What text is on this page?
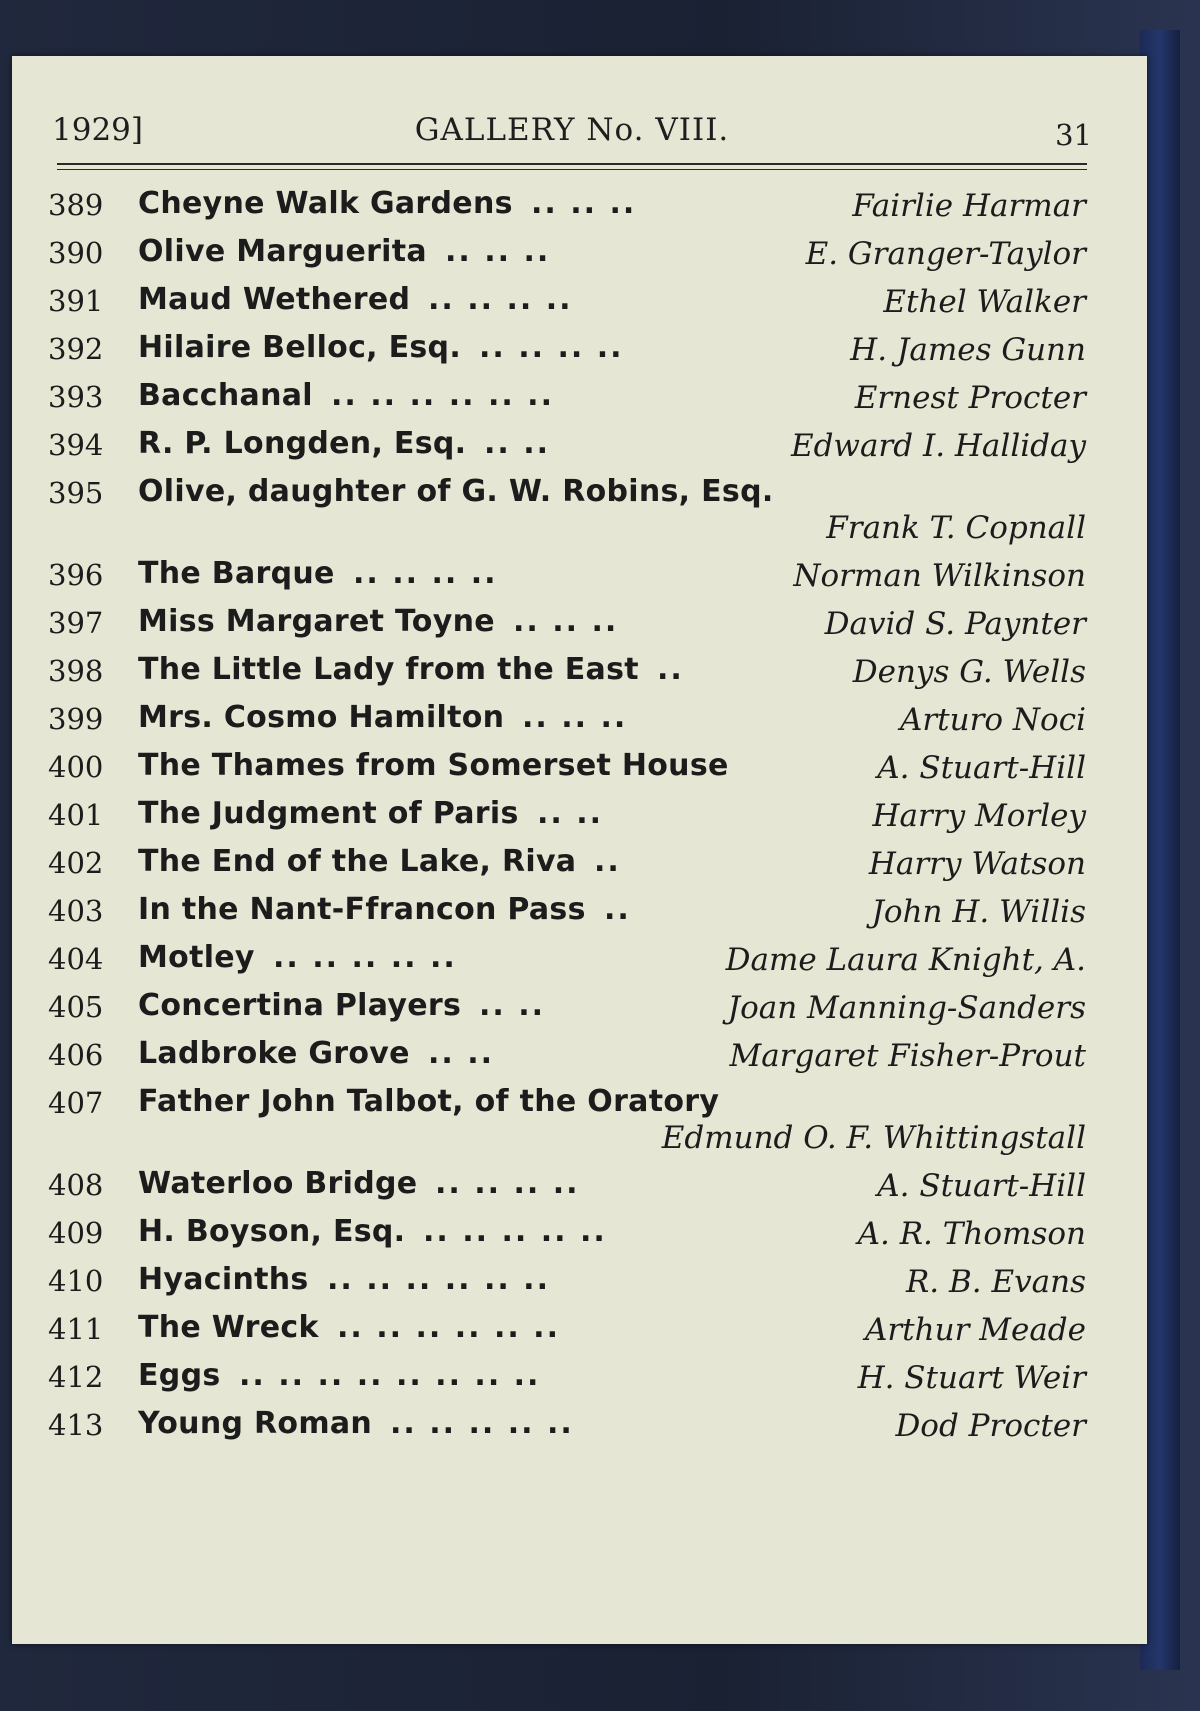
1929]	GALLERY No. VIII.	31
389	Cheyne Walk Gardens .. .. ..	Fairlie Harmar
390	Olive Marguerita .. .. ..	E. Granger-Taylor
391	Maud Wethered .. .. .. ..	Ethel Walker
392	Hilaire Belloc, Esq. .. .. .. ..	H. James Gunn
393	Bacchanal .. .. .. .. .. ..	Ernest Procter
394	R. P. Longden, Esq. .. ..	Edward I. Halliday
395	Olive, daughter of G. W. Robins, Esq.
Frank T. Copnall
396	The Barque .. .. .. ..	Norman Wilkinson
397	Miss Margaret Toyne .. .. ..	David S. Paynter
398	The Little Lady from the East ..	Denys G. Wells
399	Mrs. Cosmo Hamilton .. .. ..	Arturo Noci
400	The Thames from Somerset House	A. Stuart-Hill
401	The Judgment of Paris .. ..	Harry Morley
402	The End of the Lake, Riva ..	Harry Watson
403	In the Nant-Ffrancon Pass ..	John H. Willis
404	Motley .. .. .. .. ..	Dame Laura Knight, A.
405	Concertina Players .. ..	Joan Manning-Sanders
406	Ladbroke Grove .. ..	Margaret Fisher-Prout
407	Father John Talbot, of the Oratory
Edmund O. F. Whittingstall
408	Waterloo Bridge .. .. .. ..	A. Stuart-Hill
409	H. Boyson, Esq. .. .. .. .. ..	A. R. Thomson
410	Hyacinths .. .. .. .. .. ..	R. B. Evans
411	The Wreck .. .. .. .. .. ..	Arthur Meade
412	Eggs .. .. .. .. .. .. .. ..	H. Stuart Weir
413	Young Roman .. .. .. .. ..	Dod Procter
